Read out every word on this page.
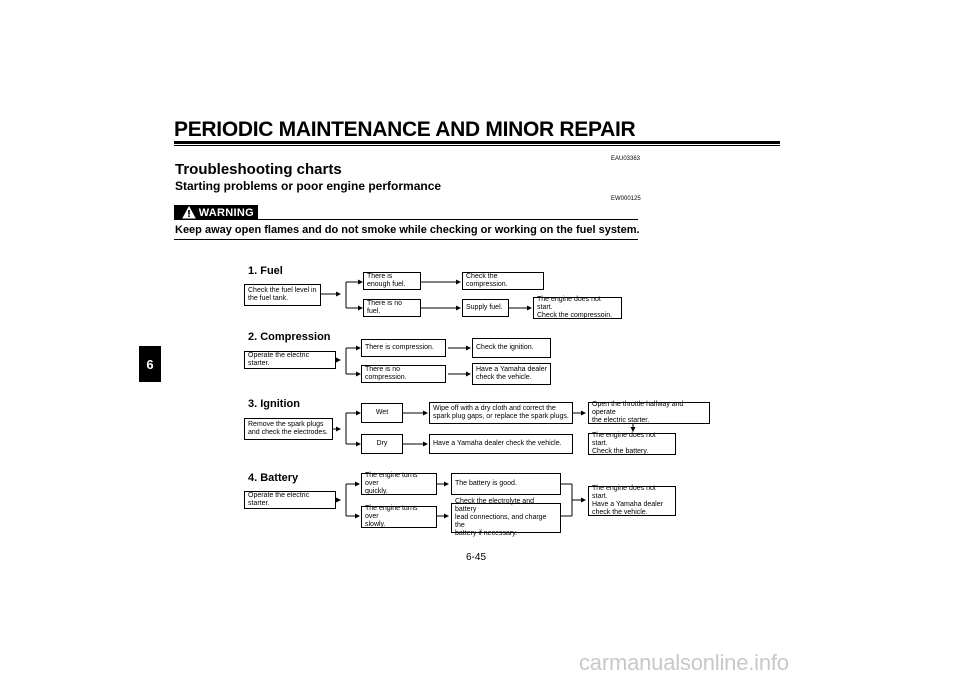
PERIODIC MAINTENANCE AND MINOR REPAIR
EAU03363
Troubleshooting charts
Starting problems or poor engine performance
EW000125
WARNING
Keep away open flames and do not smoke while checking or working on the fuel system.
6
1. Fuel
Check the fuel level in
the fuel tank.
There is enough fuel.
Check the compression.
There is no fuel.
Supply fuel.
The engine does not start.
Check the compressoin.
2. Compression
Operate the electric starter.
There is compression.	Check the ignition.
There is no compression.
Have a Yamaha dealer
check the vehicle.
3. Ignition
Remove the spark plugs
and check the electrodes.
Wet
Wipe off with a dry cloth and correct the
spark plug gaps, or replace the spark plugs.
Open the throttle halfway and operate
the electric starter.
The engine does not start.
Check the battery.
Dry	Have a Yamaha dealer check the vehicle.
4. Battery
Operate the electric starter.
The engine turns over
quickly.
The battery is good.
The engine turns over
slowly.
Check the electrolyte and battery
lead connections, and charge the
battery if necessary.
The engine does not start.
Have a Yamaha dealer
check the vehicle.
6-45
carmanualsonline.info
